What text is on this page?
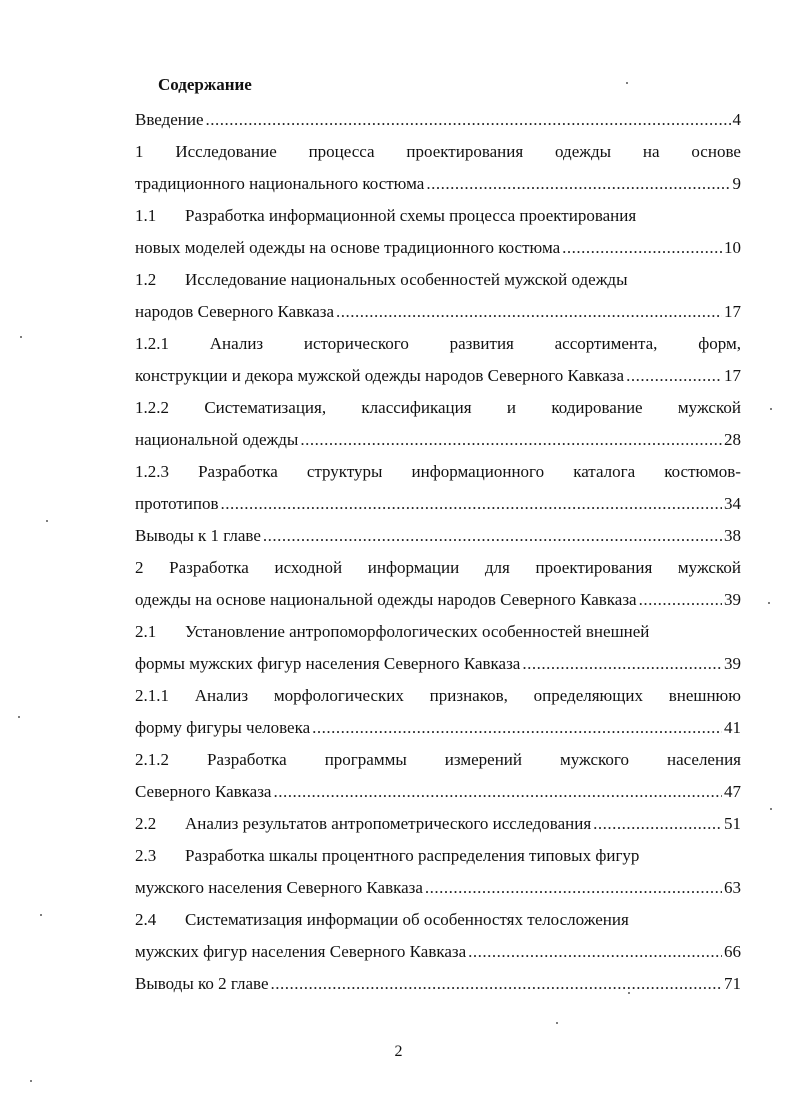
Содержание
Введение .....	4
1 Исследование процесса проектирования одежды на основе
традиционного национального костюма .....	9
1.1	Разработка информационной схемы процесса проектирования
новых моделей одежды на основе традиционного костюма .....	10
1.2	Исследование национальных особенностей мужской одежды
народов Северного Кавказа .....	17
1.2.1 Анализ исторического развития ассортимента, форм,
конструкции и декора мужской одежды народов Северного Кавказа .....	17
1.2.2 Систематизация, классификация и кодирование мужской
национальной одежды .....	28
1.2.3 Разработка структуры информационного каталога костюмов-
прототипов .....	34
Выводы к 1 главе .....	38
2 Разработка исходной информации для проектирования мужской
одежды на основе национальной одежды народов Северного Кавказа .....	39
2.1	Установление антропоморфологических особенностей внешней
формы мужских фигур населения Северного Кавказа .....	39
2.1.1 Анализ морфологических признаков, определяющих внешнюю
форму фигуры человека .....	41
2.1.2 Разработка программы измерений мужского населения
Северного Кавказа .....	47
2.2	Анализ результатов антропометрического исследования .....	51
2.3	Разработка шкалы процентного распределения типовых фигур
мужского населения Северного Кавказа .....	63
2.4	Систематизация информации об особенностях телосложения
мужских фигур населения Северного Кавказа .....	66
Выводы ко 2 главе .....	71
2
